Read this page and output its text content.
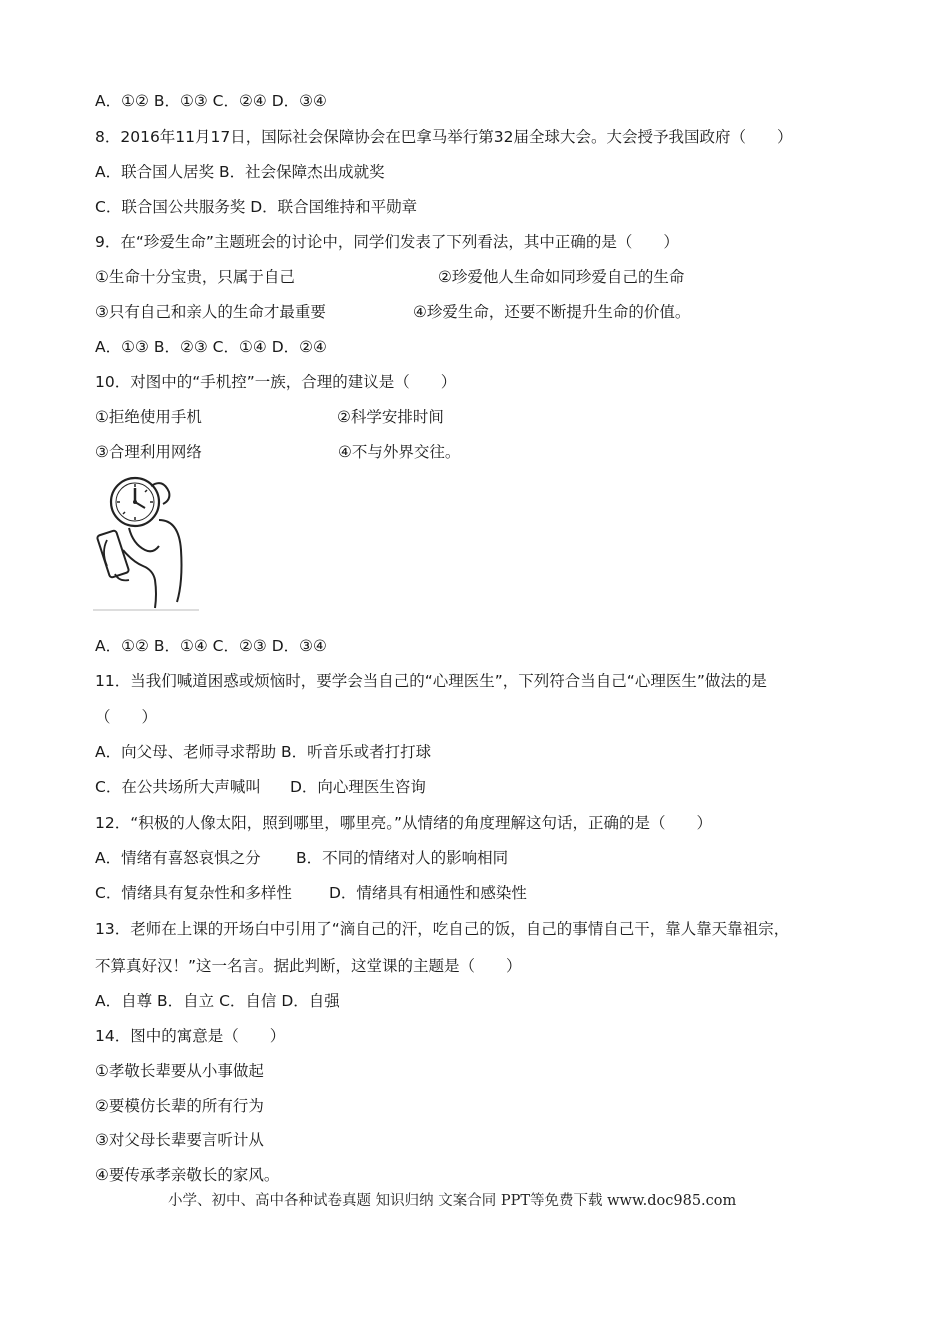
A．①② B．①③ C．②④ D．③④
8．2016年11月17日，国际社会保障协会在巴拿马举行第32届全球大会。大会授予我国政府（　　）
A．联合国人居奖 B．社会保障杰出成就奖
C．联合国公共服务奖 D．联合国维持和平勋章
9．在“珍爱生命”主题班会的讨论中，同学们发表了下列看法，其中正确的是（　　）
①生命十分宝贵，只属于自己	②珍爱他人生命如同珍爱自己的生命
③只有自己和亲人的生命才最重要	④珍爱生命，还要不断提升生命的价值。
A．①③ B．②③ C．①④ D．②④
10．对图中的“手机控”一族，合理的建议是（　　）
①拒绝使用手机	②科学安排时间
③合理利用网络	④不与外界交往。
A．①② B．①④ C．②③ D．③④
11．当我们喊道困惑或烦恼时，要学会当自己的“心理医生”，下列符合当自己“心理医生”做法的是
（　　）
A．向父母、老师寻求帮助 B．听音乐或者打打球
C．在公共场所大声喊叫 D．向心理医生咨询
12．“积极的人像太阳，照到哪里，哪里亮。”从情绪的角度理解这句话，正确的是（　　）
A．情绪有喜怒哀惧之分 B．不同的情绪对人的影响相同
C．情绪具有复杂性和多样性 D．情绪具有相通性和感染性
13．老师在上课的开场白中引用了“滴自己的汗，吃自己的饭，自己的事情自己干，靠人靠天靠祖宗，
不算真好汉！”这一名言。据此判断，这堂课的主题是（　　）
A．自尊 B．自立 C．自信 D．自强
14．图中的寓意是（　　）
①孝敬长辈要从小事做起
②要模仿长辈的所有行为
③对父母长辈要言听计从
④要传承孝亲敬长的家风。
小学、初中、高中各种试卷真题 知识归纳 文案合同 PPT等免费下载 www.doc985.com
